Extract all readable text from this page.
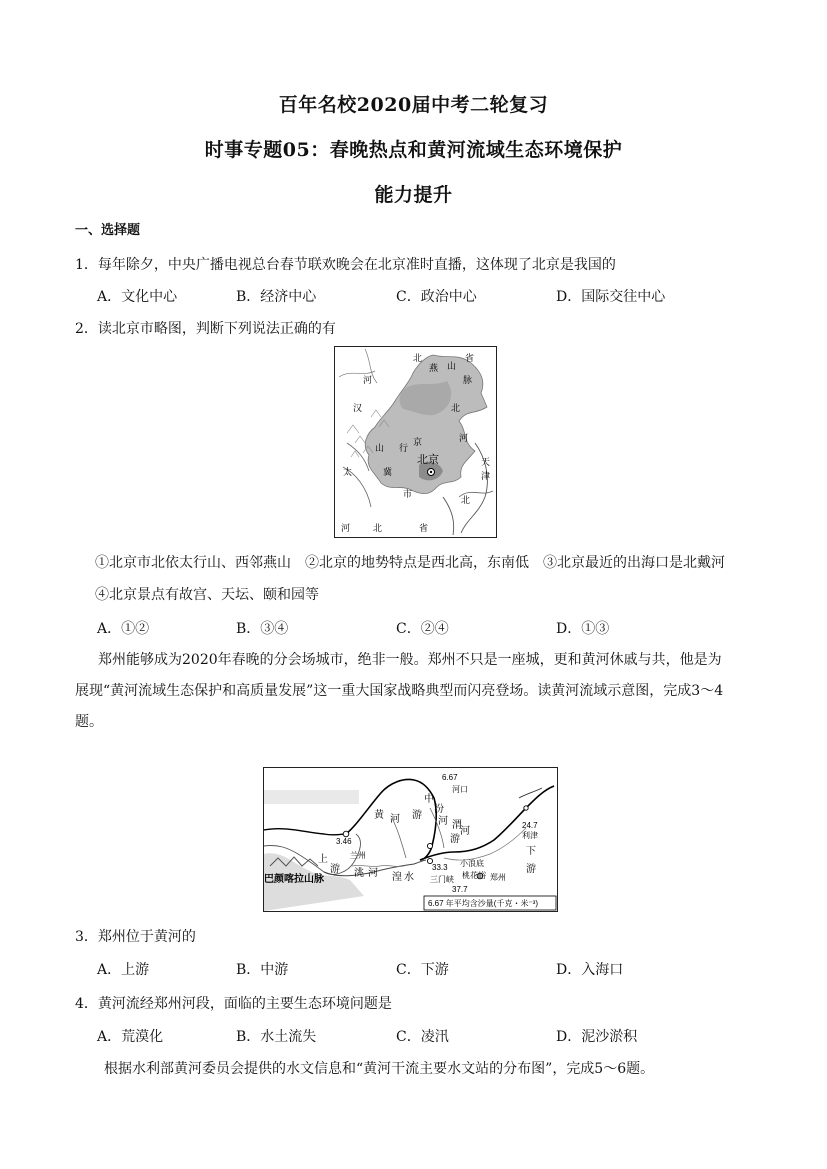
百年名校2020届中考二轮复习
时事专题05：春晚热点和黄河流域生态环境保护
能力提升
一、选择题
1．每年除夕，中央广播电视总台春节联欢晚会在北京准时直播，这体现了北京是我国的
A．文化中心	B．经济中心	C．政治中心	D．国际交往中心
2．读北京市略图，判断下列说法正确的有
北京
北
河
省
燕 山
脉
北
京
行
山
太
市
河	北	省
天
津
河
北
汉
冀
①北京市北依太行山、西邻燕山　②北京的地势特点是西北高，东南低　③北京最近的出海口是北戴河
④北京景点有故宫、天坛、颐和园等
A．①②	B．③④	C．②④	D．①③
郑州能够成为2020年春晚的分会场城市，绝非一般。郑州不只是一座城，更和黄河休戚与共，他是为
展现“黄河流域生态保护和高质量发展”这一重大国家战略典型而闪亮登场。读黄河流域示意图，完成3～4
题。
6.67
24.7
3.46
33.3
37.7
河口
利津
兰州
小浪底
三门峡 桃花峪 郑州
巴颜喀拉山脉
中
游
游
上
游
下
游
黄 河
渭
河
汾
河
洮 河 湟 水
6.67 年平均含沙量(千克・米⁻³)
3．郑州位于黄河的
A．上游	B．中游	C．下游	D．入海口
4．黄河流经郑州河段，面临的主要生态环境问题是
A．荒漠化	B．水土流失	C．凌汛	D．泥沙淤积
根据水利部黄河委员会提供的水文信息和“黄河干流主要水文站的分布图”，完成5～6题。
